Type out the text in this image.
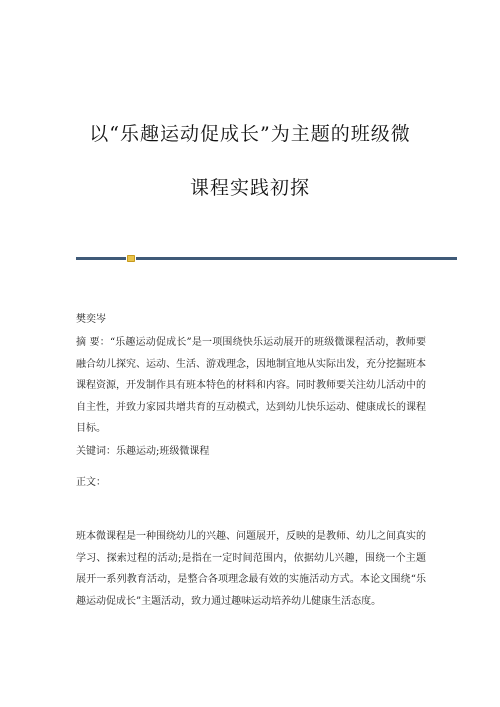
以“乐趣运动促成长”为主题的班级微
课程实践初探
樊奕岑
摘 要：“乐趣运动促成长”是一项围绕快乐运动展开的班级微课程活动，教师要融合幼儿探究、运动、生活、游戏理念，因地制宜地从实际出发，充分挖掘班本课程资源，开发制作具有班本特色的材料和内容。同时教师要关注幼儿活动中的自主性，并致力家园共增共育的互动模式，达到幼儿快乐运动、健康成长的课程目标。
关键词：乐趣运动;班级微课程
正文：
班本微课程是一种围绕幼儿的兴趣、问题展开，反映的是教师、幼儿之间真实的学习、探索过程的活动;是指在一定时间范围内，依据幼儿兴趣，围绕一个主题展开一系列教育活动，是整合各项理念最有效的实施活动方式。本论文围绕“乐趣运动促成长”主题活动，致力通过趣味运动培养幼儿健康生活态度。
